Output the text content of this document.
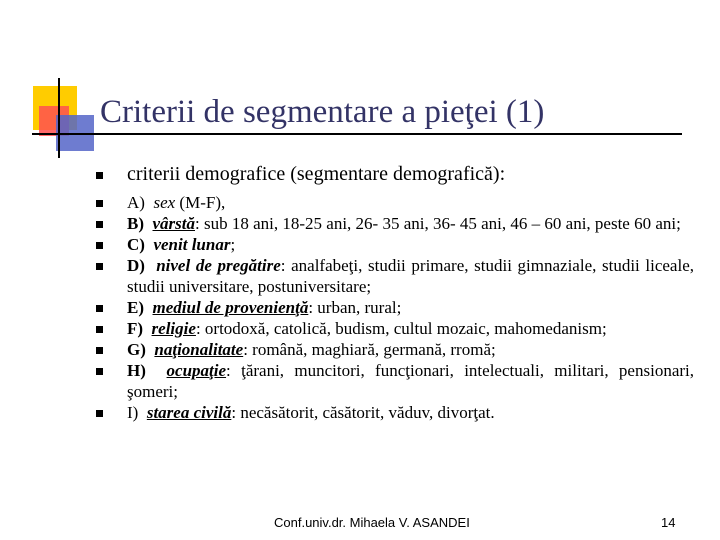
Criterii de segmentare a pieţei (1)
criterii demografice (segmentare demografică):
A) sex (M-F),
B) vârstă: sub 18 ani, 18-25 ani, 26- 35 ani, 36- 45 ani, 46 – 60 ani, peste 60 ani;
C) venit lunar;
D) nivel de pregătire: analfabeţi, studii primare, studii gimnaziale, studii liceale, studii universitare, postuniversitare;
E) mediul de provenienţă: urban, rural;
F) religie: ortodoxă, catolică, budism, cultul mozaic, mahomedanism;
G) naţionalitate: română, maghiară, germană, rromă;
H) ocupaţie: ţărani, muncitori, funcţionari, intelectuali, militari, pensionari, şomeri;
I) starea civilă: necăsătorit, căsătorit, văduv, divorţat.
Conf.univ.dr. Mihaela V. ASANDEI	14
